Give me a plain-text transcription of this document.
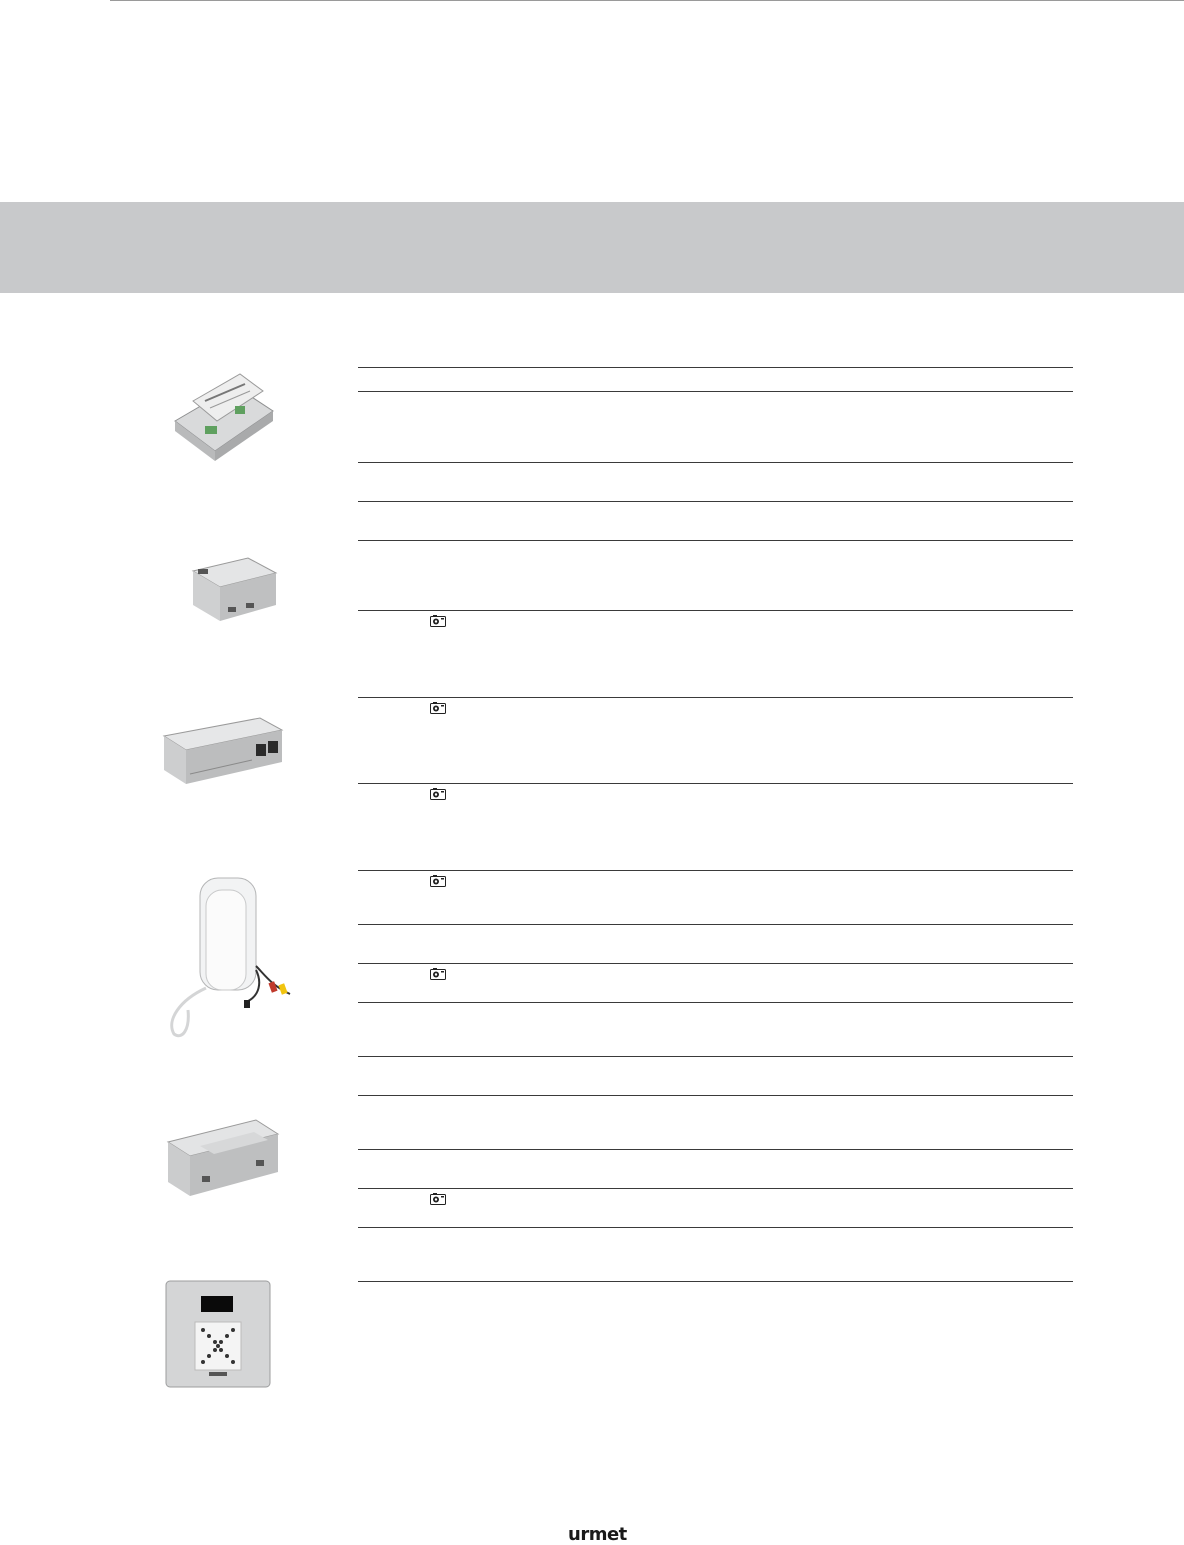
urmet
